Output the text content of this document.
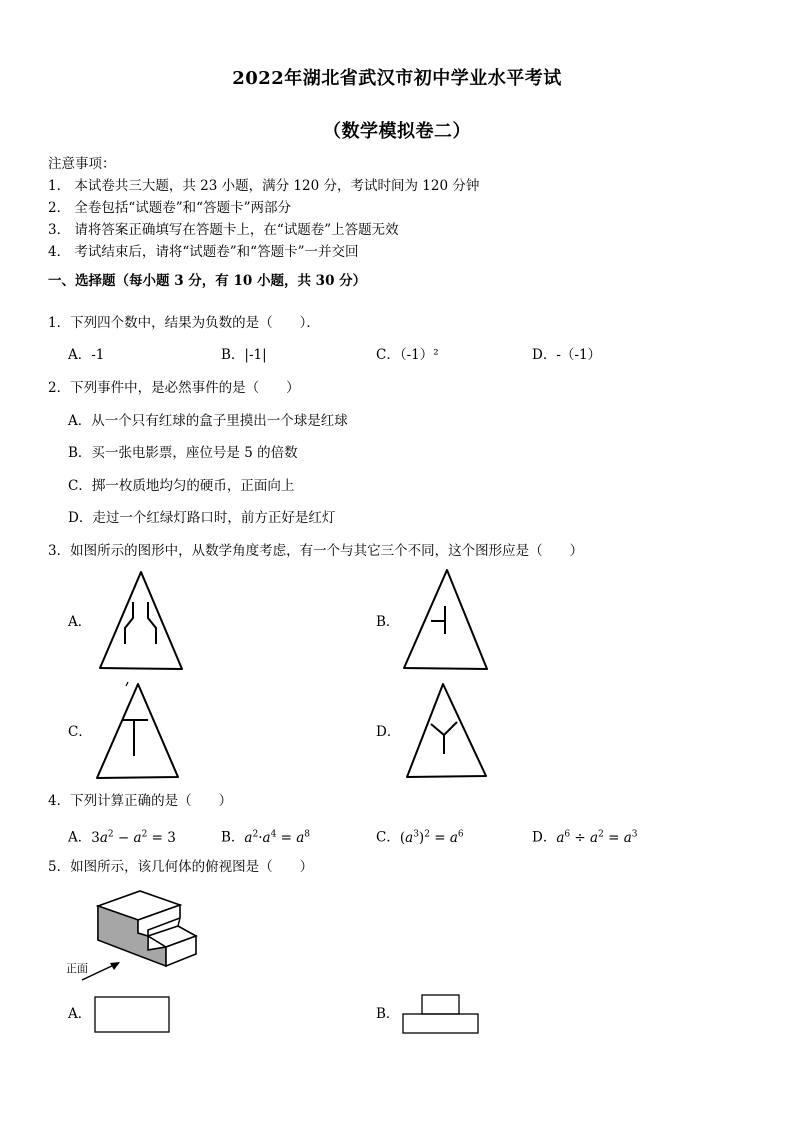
2022年湖北省武汉市初中学业水平考试
（数学模拟卷二）
注意事项：
1． 本试卷共三大题，共 23 小题，满分 120 分，考试时间为 120 分钟
2． 全卷包括“试题卷”和“答题卡”两部分
3． 请将答案正确填写在答题卡上，在“试题卷”上答题无效
4． 考试结束后，请将“试题卷”和“答题卡”一并交回
一、选择题（每小题 3 分，有 10 小题，共 30 分）
1．下列四个数中，结果为负数的是（　　）．
A．-1	B．|-1|	C．（-1）²	D．-（-1）
2．下列事件中，是必然事件的是（　　）
A．从一个只有红球的盒子里摸出一个球是红球
B．买一张电影票，座位号是 5 的倍数
C．掷一枚质地均匀的硬币，正面向上
D．走过一个红绿灯路口时，前方正好是红灯
3．如图所示的图形中，从数学角度考虑，有一个与其它三个不同，这个图形应是（　　）
A．	B．
C．	D．
4．下列计算正确的是（　　）
A．$3a^2 - a^2 = 3$	B．$a^2\cdot a^4 = a^8$	C．$(a^3)^2 = a^6$	D．$a^6 \div a^2 = a^3$
5．如图所示，该几何体的俯视图是（　　）
正面
A．	B．
